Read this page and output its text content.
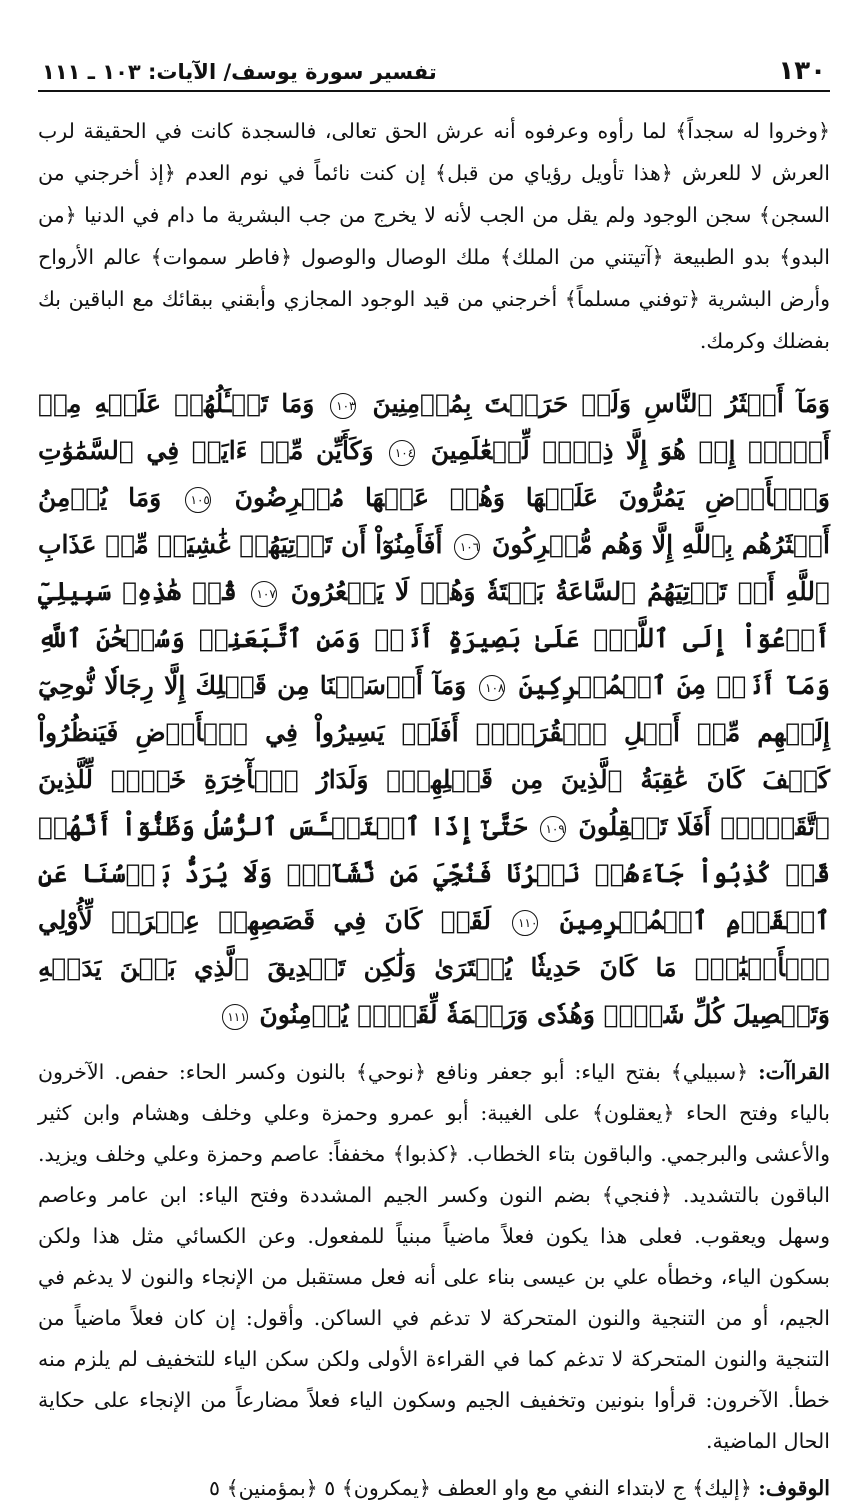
١٣٠
تفسير سورة يوسف/ الآيات: ١٠٣ ـ ١١١

﴿وخروا له سجداً﴾ لما رأوه وعرفوه أنه عرش الحق تعالى، فالسجدة كانت في الحقيقة لرب العرش لا للعرش ﴿هذا تأويل رؤياي من قبل﴾ إن كنت نائماً في نوم العدم ﴿إذ أخرجني من السجن﴾ سجن الوجود ولم يقل من الجب لأنه لا يخرج من جب البشرية ما دام في الدنيا ﴿من البدو﴾ بدو الطبيعة ﴿آتيتني من الملك﴾ ملك الوصال والوصول ﴿فاطر سموات﴾ عالم الأرواح وأرض البشرية ﴿توفني مسلماً﴾ أخرجني من قيد الوجود المجازي وأبقني ببقائك مع الباقين بك بفضلك وكرمك.

وَمَآ أَكۡثَرُ ٱلنَّاسِ وَلَوۡ حَرَصۡتَ بِمُؤۡمِنِينَ ١٠٣ وَمَا تَسۡـَٔلُهُمۡ عَلَيۡهِ مِنۡ أَجۡرٍۚ إِنۡ هُوَ إِلَّا ذِكۡرٞ لِّلۡعَٰلَمِينَ ١٠٤ وَكَأَيِّن مِّنۡ ءَايَةٖ فِي ٱلسَّمَٰوَٰتِ وَٱلۡأَرۡضِ يَمُرُّونَ عَلَيۡهَا وَهُمۡ عَنۡهَا مُعۡرِضُونَ ١٠٥ وَمَا يُؤۡمِنُ أَكۡثَرُهُم بِٱللَّهِ إِلَّا وَهُم مُّشۡرِكُونَ ١٠٦ أَفَأَمِنُوٓاْ أَن تَأۡتِيَهُمۡ غَٰشِيَةٞ مِّنۡ عَذَابِ ٱللَّهِ أَوۡ تَأۡتِيَهُمُ ٱلسَّاعَةُ بَغۡتَةٗ وَهُمۡ لَا يَشۡعُرُونَ ١٠٧ قُلۡ هَٰذِهِۦ سَبِيلِيٓ أَدۡعُوٓاْ إِلَى ٱللَّهِۚ عَلَىٰ بَصِيرَةٍ أَنَا۠ وَمَنِ ٱتَّبَعَنِيۖ وَسُبۡحَٰنَ ٱللَّهِ وَمَآ أَنَا۠ مِنَ ٱلۡمُشۡرِكِينَ ١٠٨ وَمَآ أَرۡسَلۡنَا مِن قَبۡلِكَ إِلَّا رِجَالٗا نُّوحِيٓ إِلَيۡهِم مِّنۡ أَهۡلِ ٱلۡقُرَىٰٓۗ أَفَلَمۡ يَسِيرُواْ فِي ٱلۡأَرۡضِ فَيَنظُرُواْ كَيۡفَ كَانَ عَٰقِبَةُ ٱلَّذِينَ مِن قَبۡلِهِمۡۗ وَلَدَارُ ٱلۡأٓخِرَةِ خَيۡرٞ لِّلَّذِينَ ٱتَّقَوۡاْۚ أَفَلَا تَعۡقِلُونَ ١٠٩ حَتَّىٰٓ إِذَا ٱسۡتَيۡـَٔسَ ٱلرُّسُلُ وَظَنُّوٓاْ أَنَّهُمۡ قَدۡ كُذِبُواْ جَآءَهُمۡ نَصۡرُنَا فَنُجِّيَ مَن نَّشَآءُۖ وَلَا يُرَدُّ بَأۡسُنَا عَنِ ٱلۡقَوۡمِ ٱلۡمُجۡرِمِينَ ١١٠ لَقَدۡ كَانَ فِي قَصَصِهِمۡ عِبۡرَةٞ لِّأُوْلِي ٱلۡأَلۡبَٰبِۗ مَا كَانَ حَدِيثٗا يُفۡتَرَىٰ وَلَٰكِن تَصۡدِيقَ ٱلَّذِي بَيۡنَ يَدَيۡهِ وَتَفۡصِيلَ كُلِّ شَيۡءٖ وَهُدٗى وَرَحۡمَةٗ لِّقَوۡمٖ يُؤۡمِنُونَ ١١١

القراآت: ﴿سبيلي﴾ بفتح الياء: أبو جعفر ونافع ﴿نوحي﴾ بالنون وكسر الحاء: حفص. الآخرون بالياء وفتح الحاء ﴿يعقلون﴾ على الغيبة: أبو عمرو وحمزة وعلي وخلف وهشام وابن كثير والأعشى والبرجمي. والباقون بتاء الخطاب. ﴿كذبوا﴾ مخففاً: عاصم وحمزة وعلي وخلف ويزيد. الباقون بالتشديد. ﴿فنجي﴾ بضم النون وكسر الجيم المشددة وفتح الياء: ابن عامر وعاصم وسهل ويعقوب. فعلى هذا يكون فعلاً ماضياً مبنياً للمفعول. وعن الكسائي مثل هذا ولكن بسكون الياء، وخطأه علي بن عيسى بناء على أنه فعل مستقبل من الإنجاء والنون لا يدغم في الجيم، أو من التنجية والنون المتحركة لا تدغم في الساكن. وأقول: إن كان فعلاً ماضياً من التنجية والنون المتحركة لا تدغم كما في القراءة الأولى ولكن سكن الياء للتخفيف لم يلزم منه خطأ. الآخرون: قرأوا بنونين وتخفيف الجيم وسكون الياء فعلاً مضارعاً من الإنجاء على حكاية الحال الماضية.

الوقوف: ﴿إليك﴾ ج لابتداء النفي مع واو العطف ﴿يمكرون﴾ ٥ ﴿بمؤمنين﴾ ٥
